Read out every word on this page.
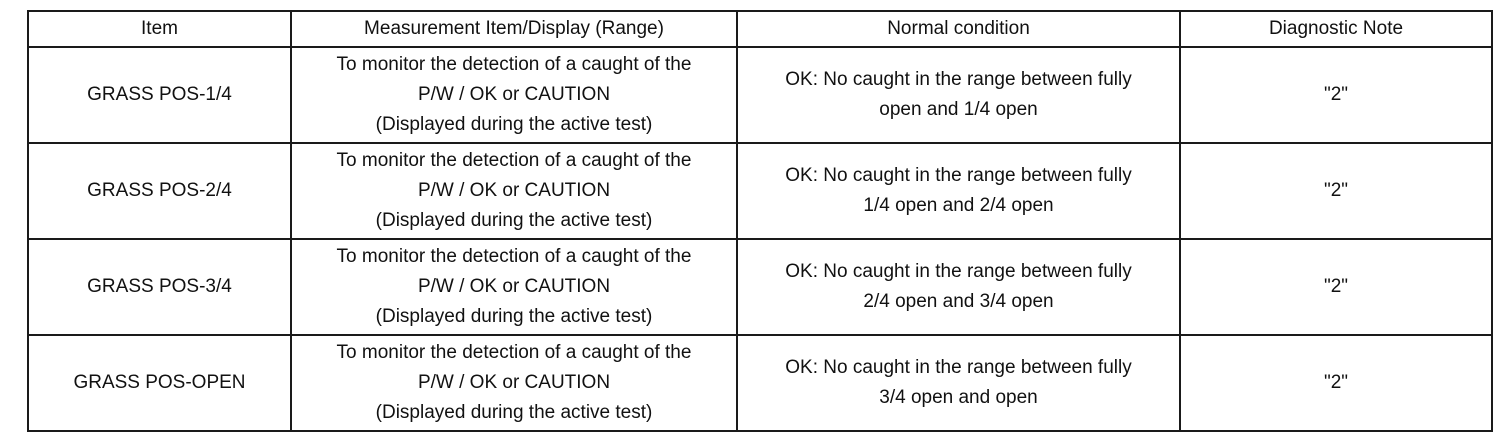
Item	Measurement Item/Display (Range)	Normal condition	Diagnostic Note
GRASS POS-1/4	To monitor the detection of a caught of the
P/W / OK or CAUTION
(Displayed during the active test)	OK: No caught in the range between fully
open and 1/4 open	"2"
GRASS POS-2/4	To monitor the detection of a caught of the
P/W / OK or CAUTION
(Displayed during the active test)	OK: No caught in the range between fully
1/4 open and 2/4 open	"2"
GRASS POS-3/4	To monitor the detection of a caught of the
P/W / OK or CAUTION
(Displayed during the active test)	OK: No caught in the range between fully
2/4 open and 3/4 open	"2"
GRASS POS-OPEN	To monitor the detection of a caught of the
P/W / OK or CAUTION
(Displayed during the active test)	OK: No caught in the range between fully
3/4 open and open	"2"
